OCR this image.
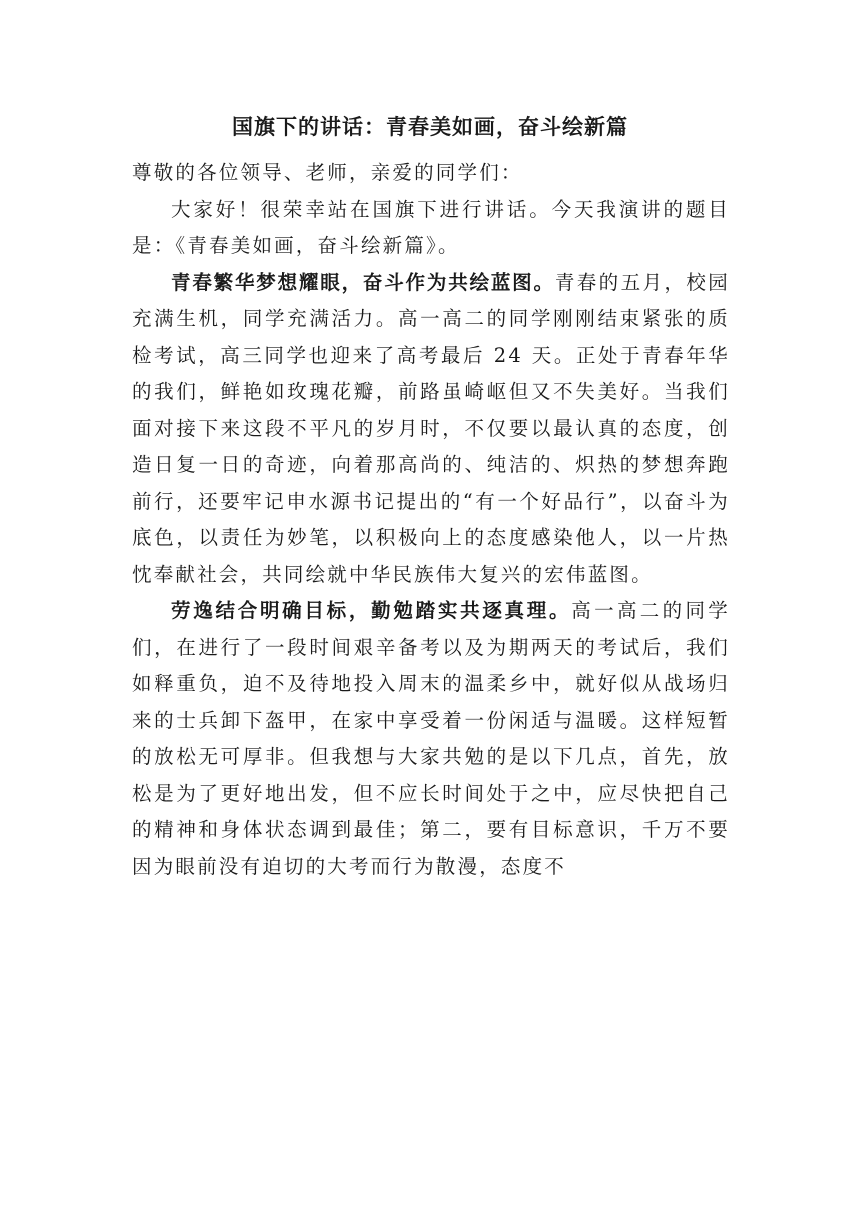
国旗下的讲话：青春美如画，奋斗绘新篇

尊敬的各位领导、老师，亲爱的同学们：

大家好！很荣幸站在国旗下进行讲话。今天我演讲的题目是：《青春美如画，奋斗绘新篇》。

青春繁华梦想耀眼，奋斗作为共绘蓝图。青春的五月，校园充满生机，同学充满活力。高一高二的同学刚刚结束紧张的质检考试，高三同学也迎来了高考最后 24 天。正处于青春年华的我们，鲜艳如玫瑰花瓣，前路虽崎岖但又不失美好。当我们面对接下来这段不平凡的岁月时，不仅要以最认真的态度，创造日复一日的奇迹，向着那高尚的、纯洁的、炽热的梦想奔跑前行，还要牢记申水源书记提出的“有一个好品行”，以奋斗为底色，以责任为妙笔，以积极向上的态度感染他人，以一片热忱奉献社会，共同绘就中华民族伟大复兴的宏伟蓝图。

劳逸结合明确目标，勤勉踏实共逐真理。高一高二的同学们，在进行了一段时间艰辛备考以及为期两天的考试后，我们如释重负，迫不及待地投入周末的温柔乡中，就好似从战场归来的士兵卸下盔甲，在家中享受着一份闲适与温暖。这样短暂的放松无可厚非。但我想与大家共勉的是以下几点，首先，放松是为了更好地出发，但不应长时间处于之中，应尽快把自己的精神和身体状态调到最佳；第二，要有目标意识，千万不要因为眼前没有迫切的大考而行为散漫，态度不
